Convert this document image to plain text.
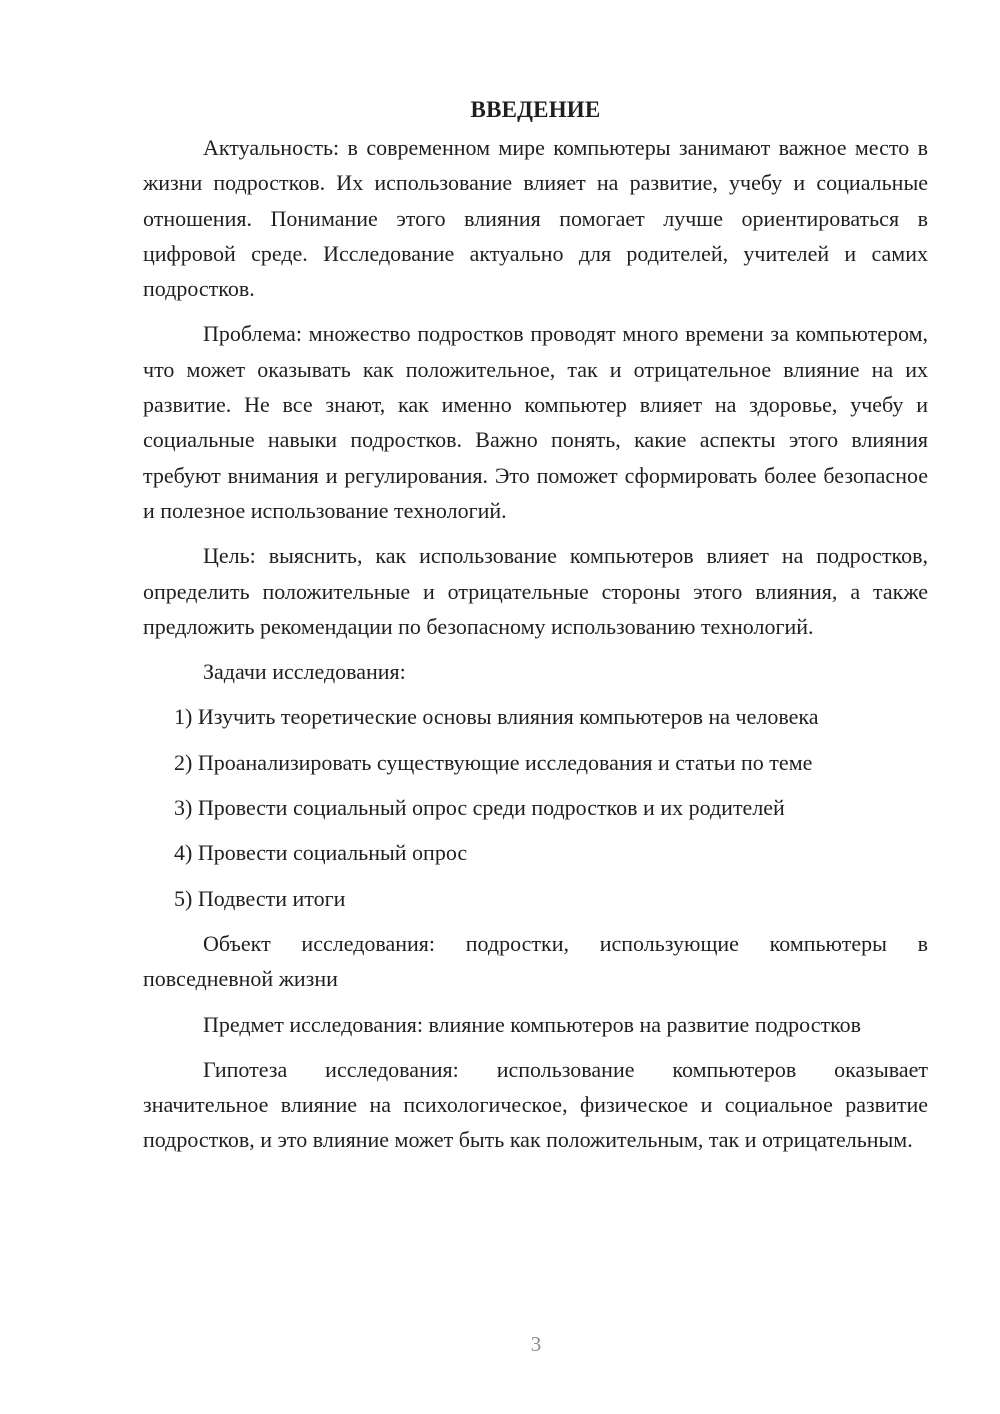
ВВЕДЕНИЕ

Актуальность: в современном мире компьютеры занимают важное место в жизни подростков. Их использование влияет на развитие, учебу и социальные отношения. Понимание этого влияния помогает лучше ориентироваться в цифровой среде. Исследование актуально для родителей, учителей и самих подростков.

Проблема: множество подростков проводят много времени за компьютером, что может оказывать как положительное, так и отрицательное влияние на их развитие. Не все знают, как именно компьютер влияет на здоровье, учебу и социальные навыки подростков. Важно понять, какие аспекты этого влияния требуют внимания и регулирования. Это поможет сформировать более безопасное и полезное использование технологий.

Цель: выяснить, как использование компьютеров влияет на подростков, определить положительные и отрицательные стороны этого влияния, а также предложить рекомендации по безопасному использованию технологий.

Задачи исследования:

1) Изучить теоретические основы влияния компьютеров на человека
2) Проанализировать существующие исследования и статьи по теме
3) Провести социальный опрос среди подростков и их родителей
4) Провести социальный опрос
5) Подвести итоги

Объект исследования: подростки, использующие компьютеры в повседневной жизни

Предмет исследования: влияние компьютеров на развитие подростков

Гипотеза исследования: использование компьютеров оказывает значительное влияние на психологическое, физическое и социальное развитие подростков, и это влияние может быть как положительным, так и отрицательным.

3
